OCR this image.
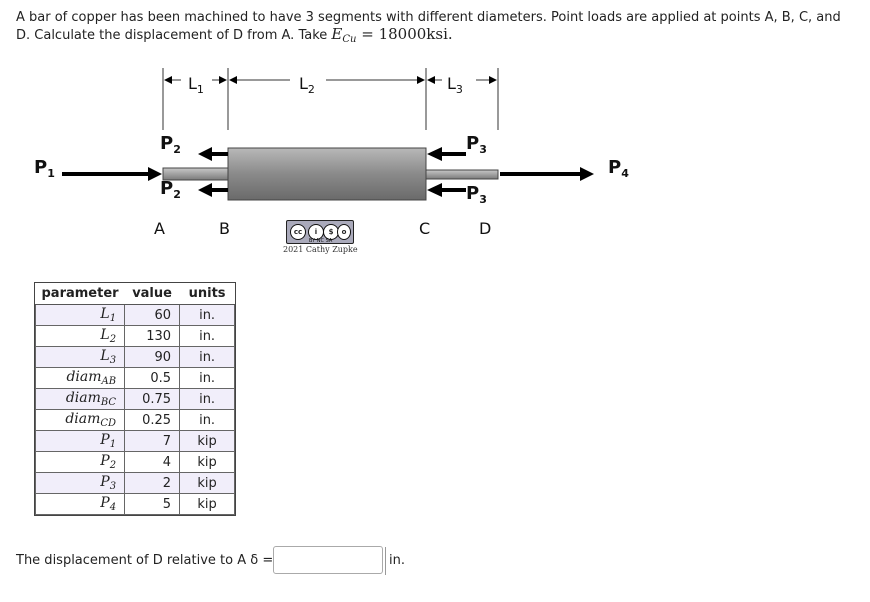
A bar of copper has been machined to have 3 segments with different diameters. Point loads are applied at points A, B, C, and D. Calculate the displacement of D from A. Take $E_{Cu} = 18000ksi$.
$L_1$	$L_2$	$L_3$
$P_1$
$P_2$
$P_2$
$P_3$
$P_3$
$P_4$
A	B	C	D
cc	i	$	o
BY NC SA
2021 Cathy Zupke
parameter	value	units
$L_1$	60	in.
$L_2$	130	in.
$L_3$	90	in.
diam$_{AB}$	0.5	in.
diam$_{BC}$	0.75	in.
diam$_{CD}$	0.25	in.
$P_1$	7	kip
$P_2$	4	kip
$P_3$	2	kip
$P_4$	5	kip
The displacement of D relative to A δ =	in.
